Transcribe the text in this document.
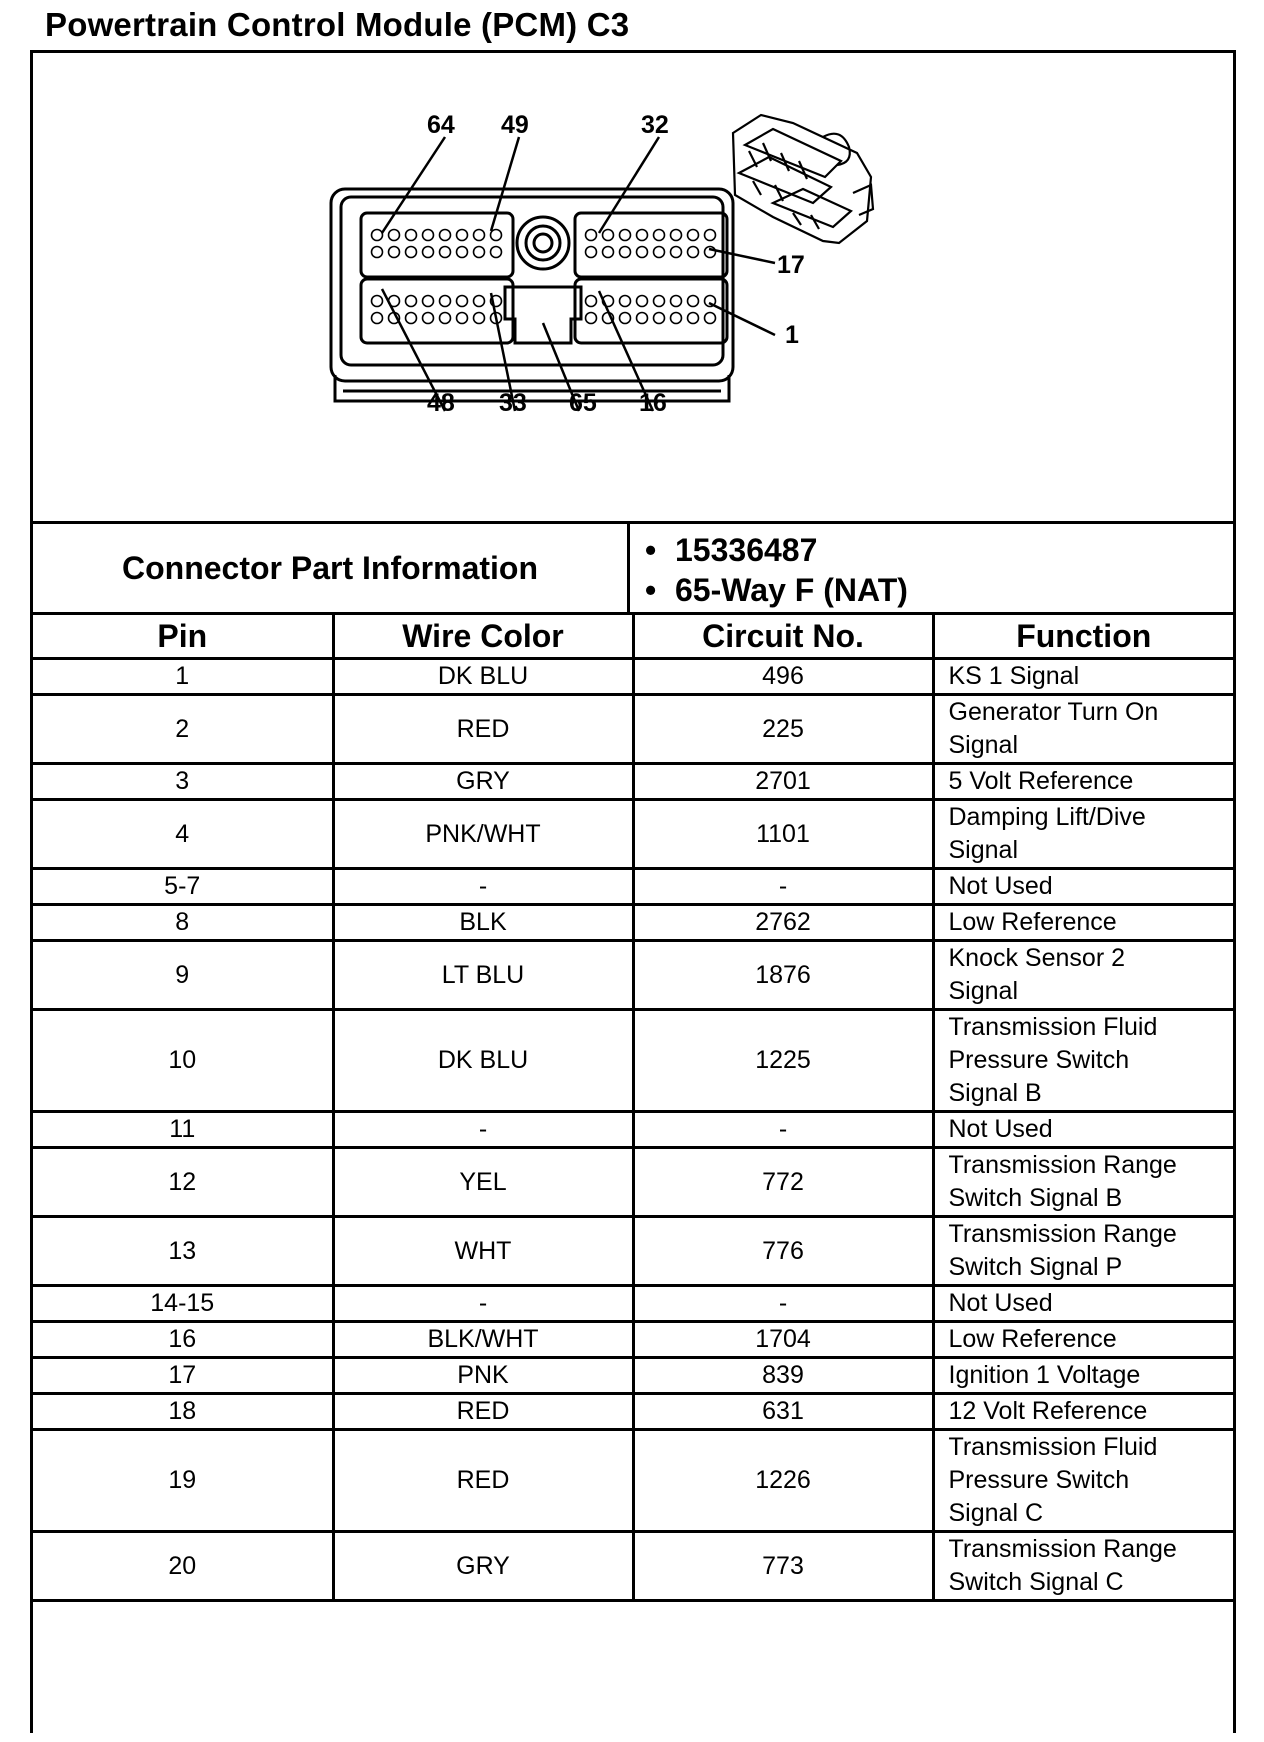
Powertrain Control Module (PCM) C3
64 49	32
17
1
48 33 65 16
Connector Part Information	• 15336487
• 65-Way F (NAT)
Pin	Wire Color	Circuit No.	Function
1	DK BLU	496	KS 1 Signal

2	RED	225	Generator Turn On
Signal

3	GRY	2701	5 Volt Reference

4	PNK/WHT	1101	Damping Lift/Dive
Signal

5-7	-	-	Not Used

8	BLK	2762	Low Reference

9	LT BLU	1876	Knock Sensor 2
Signal

10	DK BLU	1225	Transmission Fluid
Pressure Switch
Signal B

11	-	-	Not Used

12	YEL	772	Transmission Range
Switch Signal B

13	WHT	776	Transmission Range
Switch Signal P

14-15	-	-	Not Used

16	BLK/WHT	1704	Low Reference

17	PNK	839	Ignition 1 Voltage

18	RED	631	12 Volt Reference

19	RED	1226	Transmission Fluid
Pressure Switch
Signal C

20	GRY	773	Transmission Range
Switch Signal C
